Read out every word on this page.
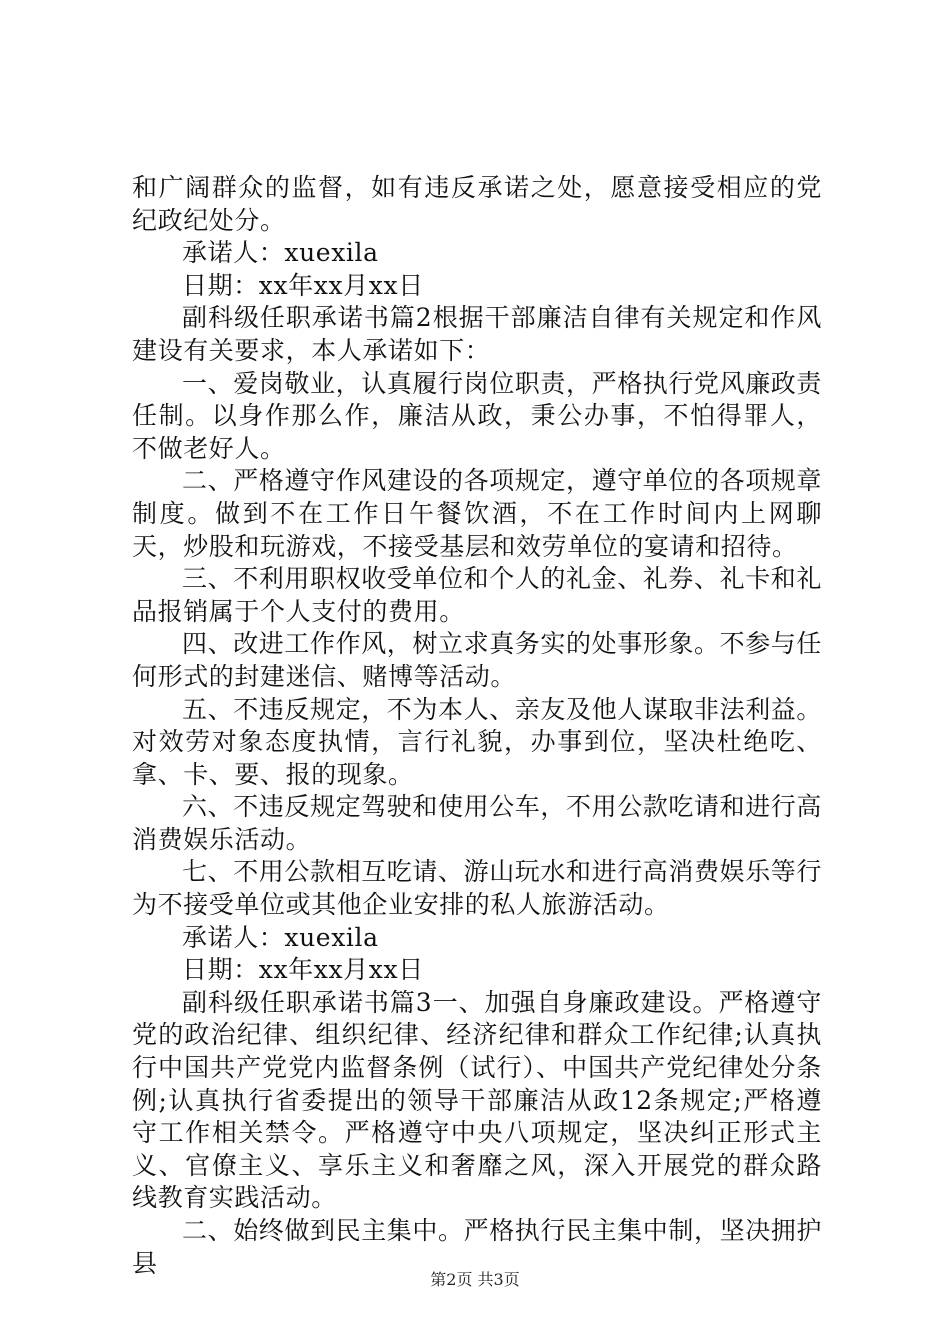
和广阔群众的监督，如有违反承诺之处，愿意接受相应的党纪政纪处分。

承诺人：xuexila

日期：xx年xx月xx日

副科级任职承诺书篇2根据干部廉洁自律有关规定和作风建设有关要求，本人承诺如下：

一、爱岗敬业，认真履行岗位职责，严格执行党风廉政责任制。以身作那么作，廉洁从政，秉公办事，不怕得罪人，不做老好人。

二、严格遵守作风建设的各项规定，遵守单位的各项规章制度。做到不在工作日午餐饮酒，不在工作时间内上网聊天，炒股和玩游戏，不接受基层和效劳单位的宴请和招待。

三、不利用职权收受单位和个人的礼金、礼券、礼卡和礼品报销属于个人支付的费用。

四、改进工作作风，树立求真务实的处事形象。不参与任何形式的封建迷信、赌博等活动。

五、不违反规定，不为本人、亲友及他人谋取非法利益。对效劳对象态度执情，言行礼貌，办事到位，坚决杜绝吃、拿、卡、要、报的现象。

六、不违反规定驾驶和使用公车，不用公款吃请和进行高消费娱乐活动。

七、不用公款相互吃请、游山玩水和进行高消费娱乐等行为不接受单位或其他企业安排的私人旅游活动。

承诺人：xuexila

日期：xx年xx月xx日

副科级任职承诺书篇3一、加强自身廉政建设。严格遵守党的政治纪律、组织纪律、经济纪律和群众工作纪律;认真执行中国共产党党内监督条例（试行）、中国共产党纪律处分条例;认真执行省委提出的领导干部廉洁从政12条规定;严格遵守工作相关禁令。严格遵守中央八项规定，坚决纠正形式主义、官僚主义、享乐主义和奢靡之风，深入开展党的群众路线教育实践活动。

二、始终做到民主集中。严格执行民主集中制，坚决拥护县

第2页 共3页
